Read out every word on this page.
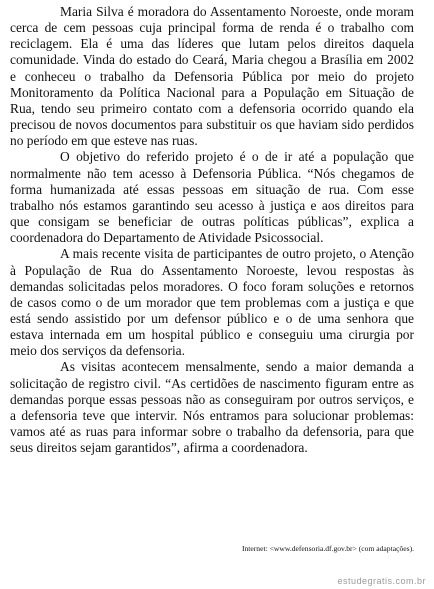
Maria Silva é moradora do Assentamento Noroeste, onde moram cerca de cem pessoas cuja principal forma de renda é o trabalho com reciclagem. Ela é uma das líderes que lutam pelos direitos daquela comunidade. Vinda do estado do Ceará, Maria chegou a Brasília em 2002 e conheceu o trabalho da Defensoria Pública por meio do projeto Monitoramento da Política Nacional para a População em Situação de Rua, tendo seu primeiro contato com a defensoria ocorrido quando ela precisou de novos documentos para substituir os que haviam sido perdidos no período em que esteve nas ruas.

O objetivo do referido projeto é o de ir até a população que normalmente não tem acesso à Defensoria Pública. “Nós chegamos de forma humanizada até essas pessoas em situação de rua. Com esse trabalho nós estamos garantindo seu acesso à justiça e aos direitos para que consigam se beneficiar de outras políticas públicas”, explica a coordenadora do Departamento de Atividade Psicossocial.

A mais recente visita de participantes de outro projeto, o Atenção à População de Rua do Assentamento Noroeste, levou respostas às demandas solicitadas pelos moradores. O foco foram soluções e retornos de casos como o de um morador que tem problemas com a justiça e que está sendo assistido por um defensor público e o de uma senhora que estava internada em um hospital público e conseguiu uma cirurgia por meio dos serviços da defensoria.

As visitas acontecem mensalmente, sendo a maior demanda a solicitação de registro civil. “As certidões de nascimento figuram entre as demandas porque essas pessoas não as conseguiram por outros serviços, e a defensoria teve que intervir. Nós entramos para solucionar problemas: vamos até as ruas para informar sobre o trabalho da defensoria, para que seus direitos sejam garantidos”, afirma a coordenadora.

Internet: <www.defensoria.df.gov.br> (com adaptações).
estudegratis.com.br
